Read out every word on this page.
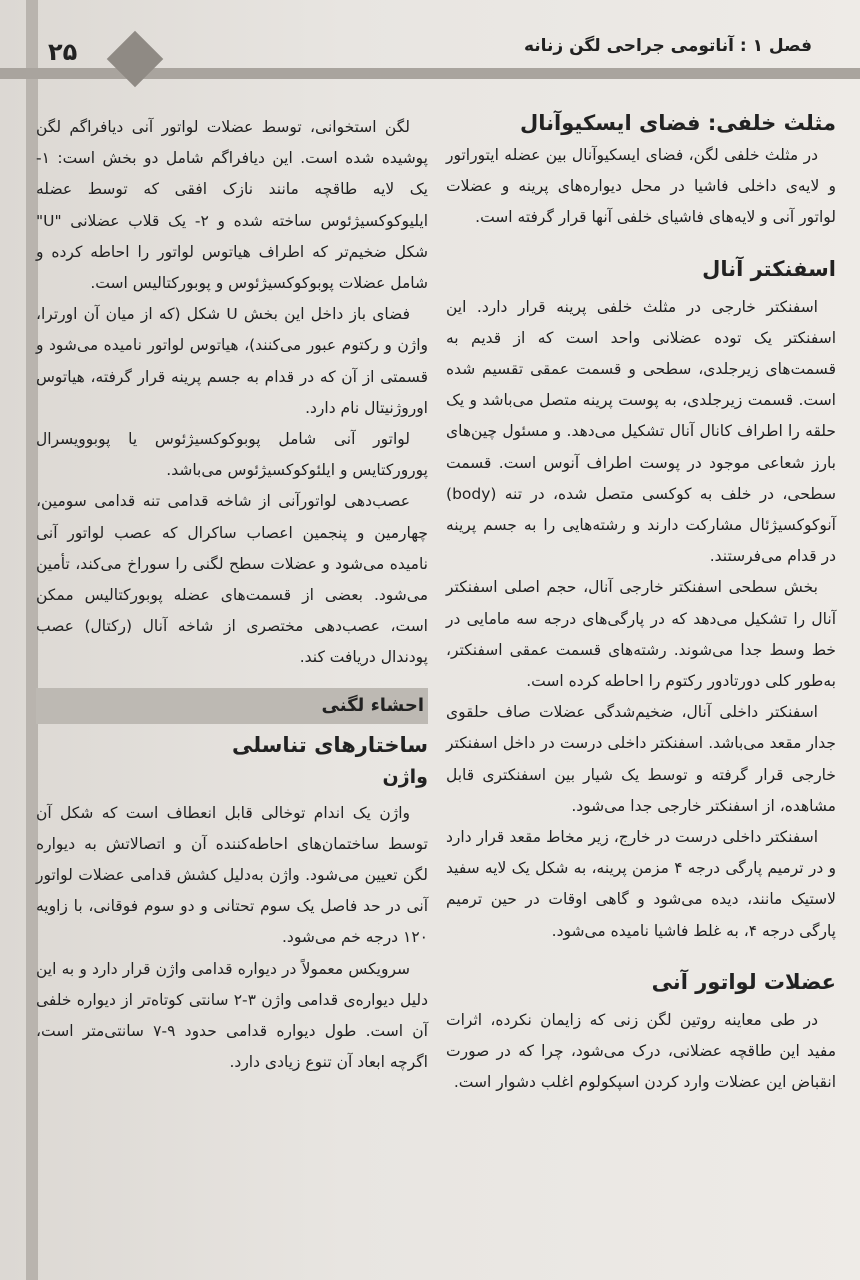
۲۵	فصل ۱ : آناتومی جراحی لگن زنانه
مثلث خلفی: فضای ایسکیوآنال

در مثلث خلفی لگن، فضای ایسکیوآنال بین عضله ایتوراتور و لایه‌ی داخلی فاشیا در محل دیواره‌های پرینه و عضلات لواتور آنی و لایه‌های فاشیای خلفی آنها قرار گرفته است.

اسفنکتر آنال

اسفنکتر خارجی در مثلث خلفی پرینه قرار دارد. این اسفنکتر یک توده عضلانی واحد است که از قدیم به قسمت‌های زیرجلدی، سطحی و قسمت عمقی تقسیم شده است. قسمت زیرجلدی، به پوست پرینه متصل می‌باشد و یک حلقه را اطراف کانال آنال تشکیل می‌دهد. و مسئول چین‌های بارز شعاعی موجود در پوست اطراف آنوس است. قسمت سطحی، در خلف به کوکسی متصل شده، در تنه (body) آنوکوکسیژئال مشارکت دارند و رشته‌هایی را به جسم پرینه در قدام می‌فرستند.

بخش سطحی اسفنکتر خارجی آنال، حجم اصلی اسفنکتر آنال را تشکیل می‌دهد که در پارگی‌های درجه سه مامایی در خط وسط جدا می‌شوند. رشته‌های قسمت عمقی اسفنکتر، به‌طور کلی دورتادور رکتوم را احاطه کرده است.

اسفنکتر داخلی آنال، ضخیم‌شدگی عضلات صاف حلقوی جدار مقعد می‌باشد. اسفنکتر داخلی درست در داخل اسفنکتر خارجی قرار گرفته و توسط یک شیار بین اسفنکتری قابل مشاهده، از اسفنکتر خارجی جدا می‌شود.

اسفنکتر داخلی درست در خارج، زیر مخاط مقعد قرار دارد و در ترمیم پارگی درجه ۴ مزمن پرینه، به شکل یک لایه سفید لاستیک مانند، دیده می‌شود و گاهی اوقات در حین ترمیم پارگی درجه ۴، به غلط فاشیا نامیده می‌شود.

عضلات لواتور آنی

در طی معاینه روتین لگن زنی که زایمان نکرده، اثرات مفید این طاقچه عضلانی، درک می‌شود، چرا که در صورت انقباض این عضلات وارد کردن اسپکولوم اغلب دشوار است.

لگن استخوانی، توسط عضلات لواتور آنی دیافراگم لگن پوشیده شده است. این دیافراگم شامل دو بخش است: ۱- یک لایه طاقچه مانند نازک افقی که توسط عضله ایلیوکوکسیژئوس ساخته شده و ۲- یک قلاب عضلانی "U" شکل ضخیم‌تر که اطراف هیاتوس لواتور را احاطه کرده و شامل عضلات پوبوکوکسیژئوس و پوبورکتالیس است.

فضای باز داخل این بخش U شکل (که از میان آن اورترا، واژن و رکتوم عبور می‌کنند)، هیاتوس لواتور نامیده می‌شود و قسمتی از آن که در قدام به جسم پرینه قرار گرفته، هیاتوس اوروژنیتال نام دارد.

لواتور آنی شامل پوبوکوکسیژئوس یا پوبوویسرال پورورکتایس و ایلئوکوکسیژئوس می‌باشد.

عصب‌دهی لواتورآنی از شاخه قدامی تنه قدامی سومین، چهارمین و پنجمین اعصاب ساکرال که عصب لواتور آنی نامیده می‌شود و عضلات سطح لگنی را سوراخ می‌کند، تأمین می‌شود. بعضی از قسمت‌های عضله پوبورکتالیس ممکن است، عصب‌دهی مختصری از شاخه آنال (رکتال) عصب پودندال دریافت کند.

احشاء لگنی
ساختارهای تناسلی
واژن

واژن یک اندام توخالی قابل انعطاف است که شکل آن توسط ساختمان‌های احاطه‌کننده آن و اتصالاتش به دیواره لگن تعیین می‌شود. واژن به‌دلیل کشش قدامی عضلات لواتور آنی در حد فاصل یک سوم تحتانی و دو سوم فوقانی، با زاویه ۱۲۰ درجه خم می‌شود.

سرویکس معمولاً در دیواره قدامی واژن قرار دارد و به این دلیل دیواره‌ی قدامی واژن ۳-۲ سانتی کوتاه‌تر از دیواره خلفی آن است. طول دیواره قدامی حدود ۹-۷ سانتی‌متر است، اگرچه ابعاد آن تنوع زیادی دارد.
